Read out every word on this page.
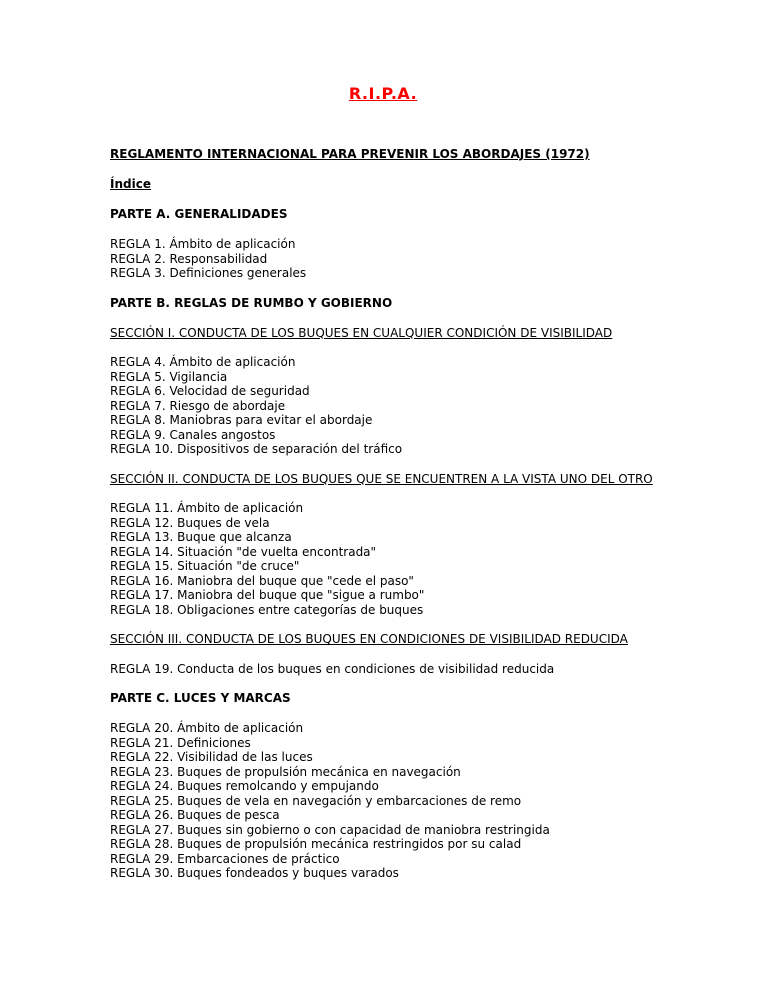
R.I.P.A.

REGLAMENTO INTERNACIONAL PARA PREVENIR LOS ABORDAJES (1972)

Índice

PARTE A. GENERALIDADES

REGLA 1. Ámbito de aplicación

REGLA 2. Responsabilidad

REGLA 3. Definiciones generales

PARTE B. REGLAS DE RUMBO Y GOBIERNO

SECCIÓN I. CONDUCTA DE LOS BUQUES EN CUALQUIER CONDICIÓN DE VISIBILIDAD

REGLA 4. Ámbito de aplicación

REGLA 5. Vigilancia

REGLA 6. Velocidad de seguridad

REGLA 7. Riesgo de abordaje

REGLA 8. Maniobras para evitar el abordaje

REGLA 9. Canales angostos

REGLA 10. Dispositivos de separación del tráfico

SECCIÓN II. CONDUCTA DE LOS BUQUES QUE SE ENCUENTREN A LA VISTA UNO DEL OTRO

REGLA 11. Ámbito de aplicación

REGLA 12. Buques de vela

REGLA 13. Buque que alcanza

REGLA 14. Situación "de vuelta encontrada"

REGLA 15. Situación "de cruce"

REGLA 16. Maniobra del buque que "cede el paso"

REGLA 17. Maniobra del buque que "sigue a rumbo"

REGLA 18. Obligaciones entre categorías de buques

SECCIÓN III. CONDUCTA DE LOS BUQUES EN CONDICIONES DE VISIBILIDAD REDUCIDA

REGLA 19. Conducta de los buques en condiciones de visibilidad reducida

PARTE C. LUCES Y MARCAS

REGLA 20. Ámbito de aplicación

REGLA 21. Definiciones

REGLA 22. Visibilidad de las luces

REGLA 23. Buques de propulsión mecánica en navegación

REGLA 24. Buques remolcando y empujando

REGLA 25. Buques de vela en navegación y embarcaciones de remo

REGLA 26. Buques de pesca

REGLA 27. Buques sin gobierno o con capacidad de maniobra restringida

REGLA 28. Buques de propulsión mecánica restringidos por su calad

REGLA 29. Embarcaciones de práctico

REGLA 30. Buques fondeados y buques varados
